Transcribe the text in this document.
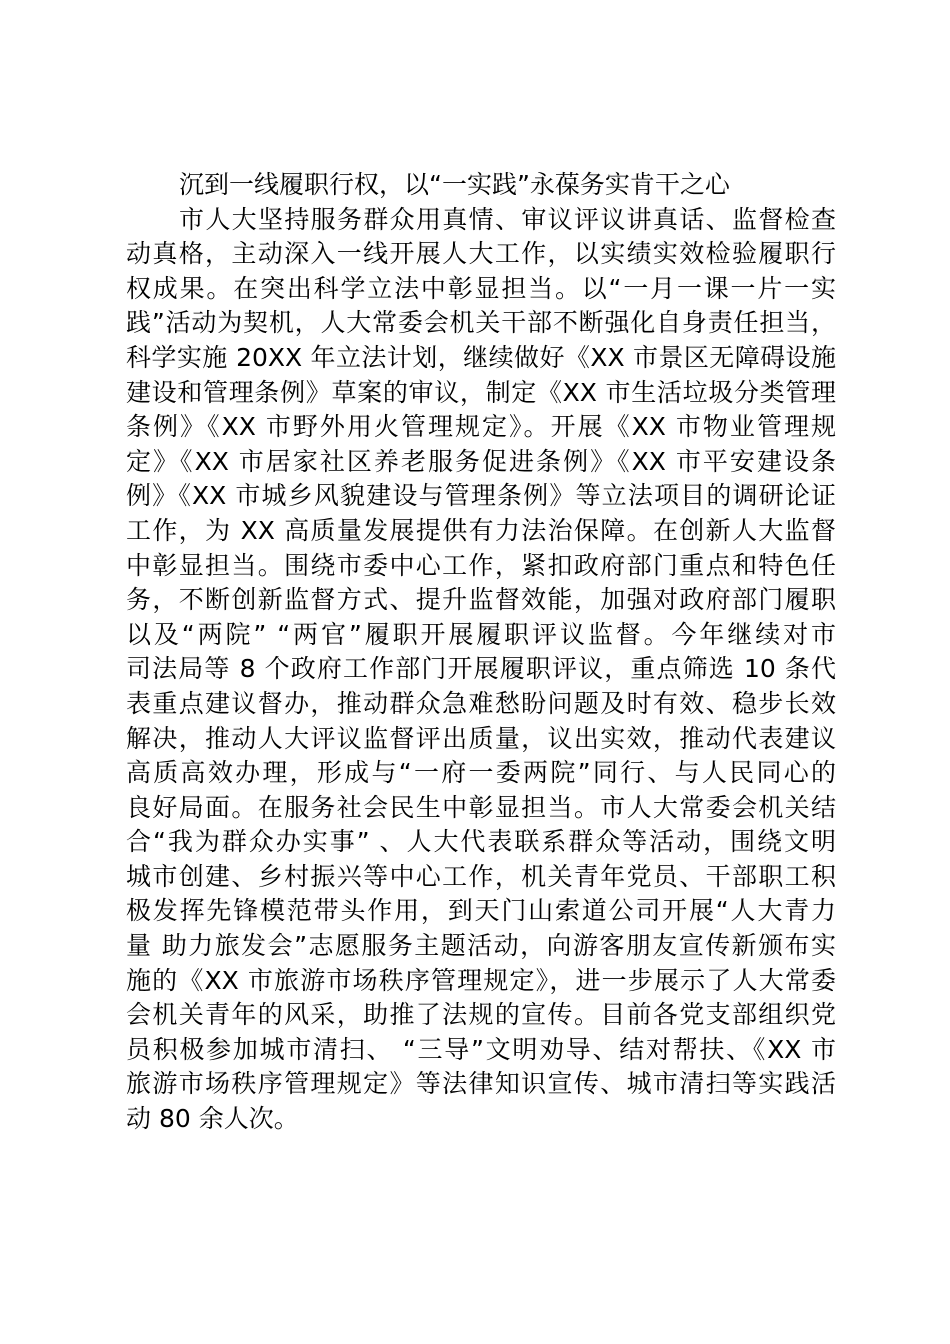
沉到一线履职行权，以“一实践”永葆务实肯干之心
市人大坚持服务群众用真情、审议评议讲真话、监督检查
动真格，主动深入一线开展人大工作，以实绩实效检验履职行
权成果。在突出科学立法中彰显担当。以“一月一课一片一实
践”活动为契机，人大常委会机关干部不断强化自身责任担当，
科学实施 20XX 年立法计划，继续做好《XX 市景区无障碍设施
建设和管理条例》草案的审议，制定《XX 市生活垃圾分类管理
条例》《XX 市野外用火管理规定》。开展《XX 市物业管理规
定》《XX 市居家社区养老服务促进条例》《XX 市平安建设条
例》《XX 市城乡风貌建设与管理条例》等立法项目的调研论证
工作，为 XX 高质量发展提供有力法治保障。在创新人大监督
中彰显担当。围绕市委中心工作，紧扣政府部门重点和特色任
务，不断创新监督方式、提升监督效能，加强对政府部门履职
以及“两院” “两官”履职开展履职评议监督。今年继续对市
司法局等 8 个政府工作部门开展履职评议，重点筛选 10 条代
表重点建议督办，推动群众急难愁盼问题及时有效、稳步长效
解决，推动人大评议监督评出质量，议出实效，推动代表建议
高质高效办理，形成与“一府一委两院”同行、与人民同心的
良好局面。在服务社会民生中彰显担当。市人大常委会机关结
合“我为群众办实事” 、人大代表联系群众等活动，围绕文明
城市创建、乡村振兴等中心工作，机关青年党员、干部职工积
极发挥先锋模范带头作用，到天门山索道公司开展“人大青力
量 助力旅发会”志愿服务主题活动，向游客朋友宣传新颁布实
施的《XX 市旅游市场秩序管理规定》，进一步展示了人大常委
会机关青年的风采，助推了法规的宣传。目前各党支部组织党
员积极参加城市清扫、 “三导”文明劝导、结对帮扶、《XX 市
旅游市场秩序管理规定》等法律知识宣传、城市清扫等实践活
动 80 余人次。
